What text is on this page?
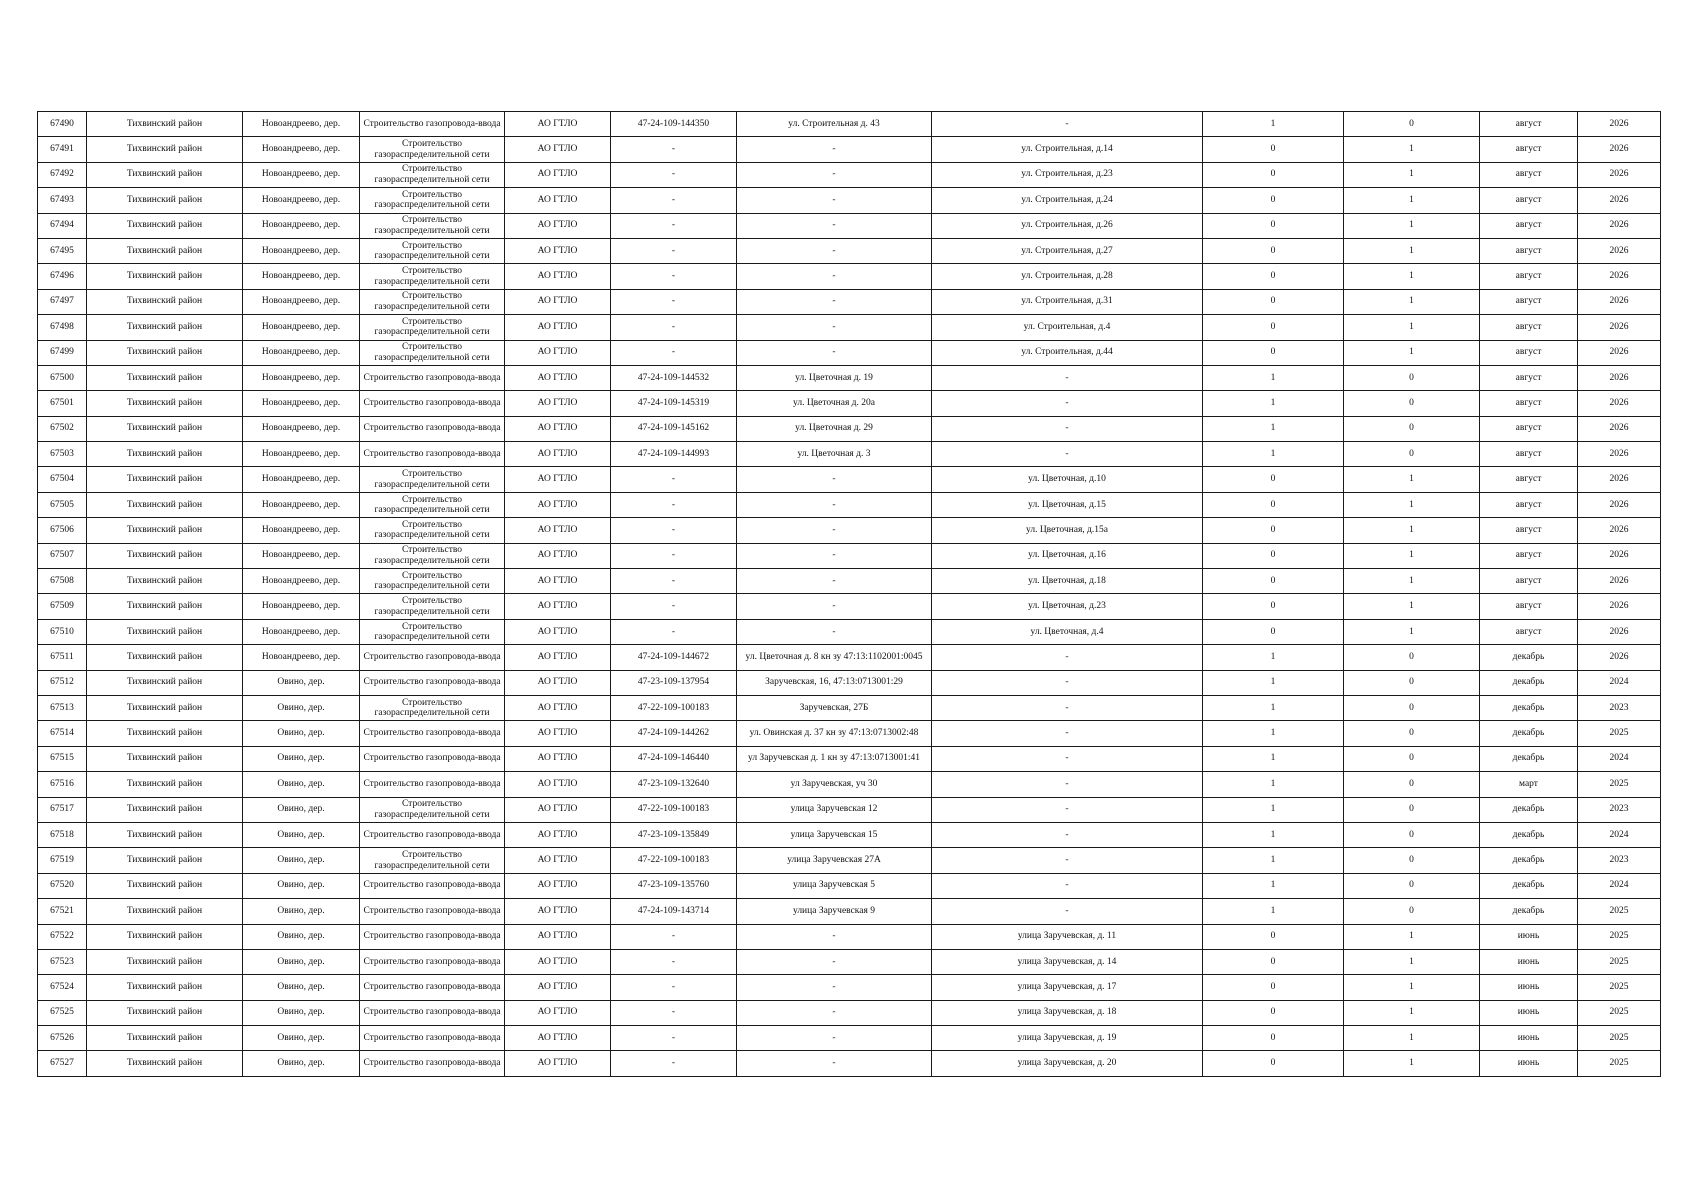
67490	Тихвинский район	Новоандреево, дер.	Строительство газопровода-ввода	АО ГТЛО	47-24-109-144350	ул. Строительная д. 43	-	1	0	август	2026
67491	Тихвинский район	Новоандреево, дер.	Строительство газораспределительной сети	АО ГТЛО	-	-	ул. Строительная, д.14	0	1	август	2026
67492	Тихвинский район	Новоандреево, дер.	Строительство газораспределительной сети	АО ГТЛО	-	-	ул. Строительная, д.23	0	1	август	2026
67493	Тихвинский район	Новоандреево, дер.	Строительство газораспределительной сети	АО ГТЛО	-	-	ул. Строительная, д.24	0	1	август	2026
67494	Тихвинский район	Новоандреево, дер.	Строительство газораспределительной сети	АО ГТЛО	-	-	ул. Строительная, д.26	0	1	август	2026
67495	Тихвинский район	Новоандреево, дер.	Строительство газораспределительной сети	АО ГТЛО	-	-	ул. Строительная, д.27	0	1	август	2026
67496	Тихвинский район	Новоандреево, дер.	Строительство газораспределительной сети	АО ГТЛО	-	-	ул. Строительная, д.28	0	1	август	2026
67497	Тихвинский район	Новоандреево, дер.	Строительство газораспределительной сети	АО ГТЛО	-	-	ул. Строительная, д.31	0	1	август	2026
67498	Тихвинский район	Новоандреево, дер.	Строительство газораспределительной сети	АО ГТЛО	-	-	ул. Строительная, д.4	0	1	август	2026
67499	Тихвинский район	Новоандреево, дер.	Строительство газораспределительной сети	АО ГТЛО	-	-	ул. Строительная, д.44	0	1	август	2026
67500	Тихвинский район	Новоандреево, дер.	Строительство газопровода-ввода	АО ГТЛО	47-24-109-144532	ул. Цветочная д. 19	-	1	0	август	2026
67501	Тихвинский район	Новоандреево, дер.	Строительство газопровода-ввода	АО ГТЛО	47-24-109-145319	ул. Цветочная д. 20а	-	1	0	август	2026
67502	Тихвинский район	Новоандреево, дер.	Строительство газопровода-ввода	АО ГТЛО	47-24-109-145162	ул. Цветочная д. 29	-	1	0	август	2026
67503	Тихвинский район	Новоандреево, дер.	Строительство газопровода-ввода	АО ГТЛО	47-24-109-144993	ул. Цветочная д. 3	-	1	0	август	2026
67504	Тихвинский район	Новоандреево, дер.	Строительство газораспределительной сети	АО ГТЛО	-	-	ул. Цветочная, д.10	0	1	август	2026
67505	Тихвинский район	Новоандреево, дер.	Строительство газораспределительной сети	АО ГТЛО	-	-	ул. Цветочная, д.15	0	1	август	2026
67506	Тихвинский район	Новоандреево, дер.	Строительство газораспределительной сети	АО ГТЛО	-	-	ул. Цветочная, д.15а	0	1	август	2026
67507	Тихвинский район	Новоандреево, дер.	Строительство газораспределительной сети	АО ГТЛО	-	-	ул. Цветочная, д.16	0	1	август	2026
67508	Тихвинский район	Новоандреево, дер.	Строительство газораспределительной сети	АО ГТЛО	-	-	ул. Цветочная, д.18	0	1	август	2026
67509	Тихвинский район	Новоандреево, дер.	Строительство газораспределительной сети	АО ГТЛО	-	-	ул. Цветочная, д.23	0	1	август	2026
67510	Тихвинский район	Новоандреево, дер.	Строительство газораспределительной сети	АО ГТЛО	-	-	ул. Цветочная, д.4	0	1	август	2026
67511	Тихвинский район	Новоандреево, дер.	Строительство газопровода-ввода	АО ГТЛО	47-24-109-144672	ул. Цветочная д. 8 кн зу 47:13:1102001:0045	-	1	0	декабрь	2026
67512	Тихвинский район	Овино, дер.	Строительство газопровода-ввода	АО ГТЛО	47-23-109-137954	Заручевская, 16, 47:13:0713001:29	-	1	0	декабрь	2024
67513	Тихвинский район	Овино, дер.	Строительство газораспределительной сети	АО ГТЛО	47-22-109-100183	Заручевская, 27Б	-	1	0	декабрь	2023
67514	Тихвинский район	Овино, дер.	Строительство газопровода-ввода	АО ГТЛО	47-24-109-144262	ул. Овинская д. 37 кн зу 47:13:0713002:48	-	1	0	декабрь	2025
67515	Тихвинский район	Овино, дер.	Строительство газопровода-ввода	АО ГТЛО	47-24-109-146440	ул Заручевская д. 1 кн зу 47:13:0713001:41	-	1	0	декабрь	2024
67516	Тихвинский район	Овино, дер.	Строительство газопровода-ввода	АО ГТЛО	47-23-109-132640	ул Заручевская, уч 30	-	1	0	март	2025
67517	Тихвинский район	Овино, дер.	Строительство газораспределительной сети	АО ГТЛО	47-22-109-100183	улица Заручевская 12	-	1	0	декабрь	2023
67518	Тихвинский район	Овино, дер.	Строительство газопровода-ввода	АО ГТЛО	47-23-109-135849	улица Заручевская 15	-	1	0	декабрь	2024
67519	Тихвинский район	Овино, дер.	Строительство газораспределительной сети	АО ГТЛО	47-22-109-100183	улица Заручевская 27А	-	1	0	декабрь	2023
67520	Тихвинский район	Овино, дер.	Строительство газопровода-ввода	АО ГТЛО	47-23-109-135760	улица Заручевская 5	-	1	0	декабрь	2024
67521	Тихвинский район	Овино, дер.	Строительство газопровода-ввода	АО ГТЛО	47-24-109-143714	улица Заручевская 9	-	1	0	декабрь	2025
67522	Тихвинский район	Овино, дер.	Строительство газопровода-ввода	АО ГТЛО	-	-	улица Заручевская, д. 11	0	1	июнь	2025
67523	Тихвинский район	Овино, дер.	Строительство газопровода-ввода	АО ГТЛО	-	-	улица Заручевская, д. 14	0	1	июнь	2025
67524	Тихвинский район	Овино, дер.	Строительство газопровода-ввода	АО ГТЛО	-	-	улица Заручевская, д. 17	0	1	июнь	2025
67525	Тихвинский район	Овино, дер.	Строительство газопровода-ввода	АО ГТЛО	-	-	улица Заручевская, д. 18	0	1	июнь	2025
67526	Тихвинский район	Овино, дер.	Строительство газопровода-ввода	АО ГТЛО	-	-	улица Заручевская, д. 19	0	1	июнь	2025
67527	Тихвинский район	Овино, дер.	Строительство газопровода-ввода	АО ГТЛО	-	-	улица Заручевская, д. 20	0	1	июнь	2025
